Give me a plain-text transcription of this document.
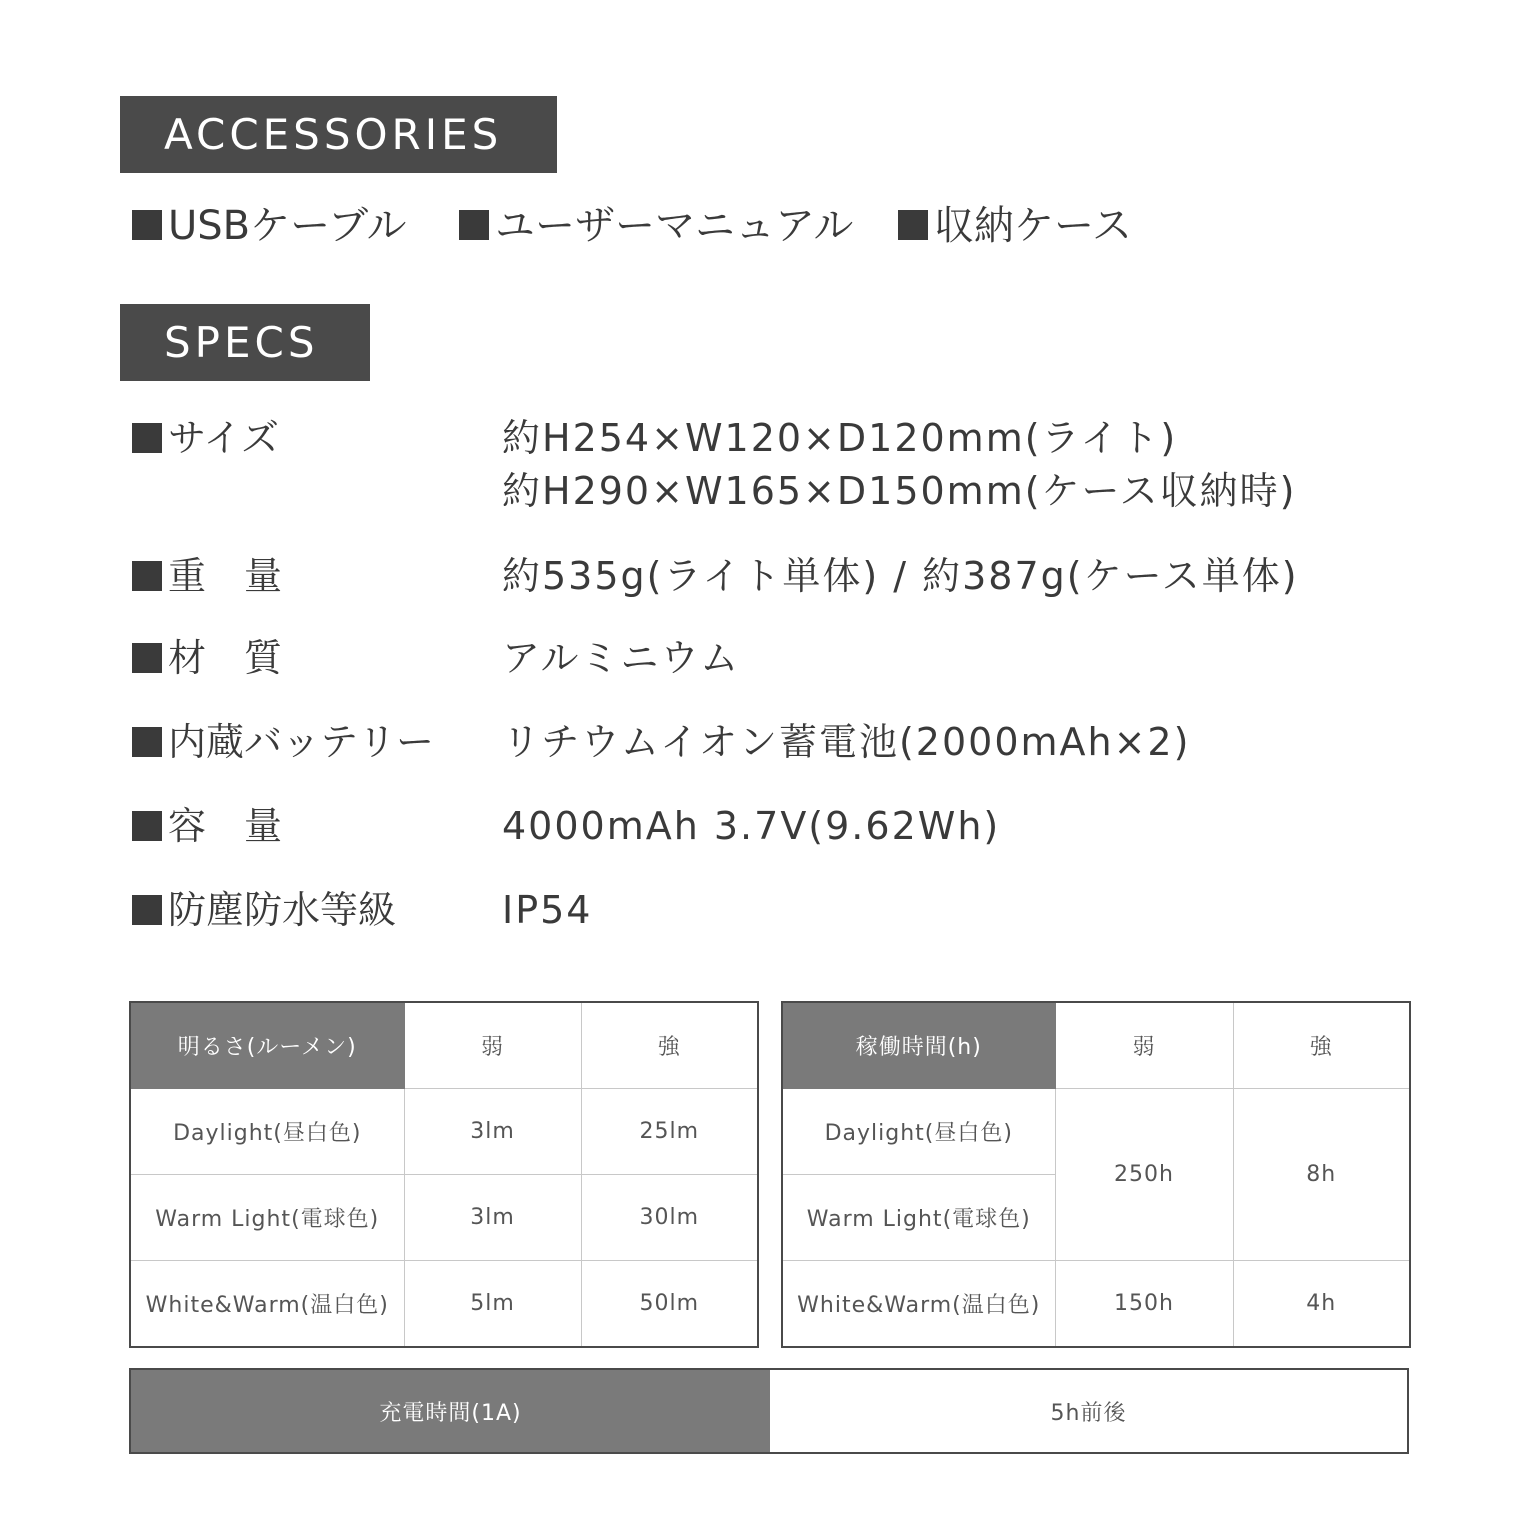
ACCESSORIES
USBケーブル	ユーザーマニュアル	収納ケース
SPECS
サイズ	約H254×W120×D120mm(ライト)
約H290×W165×D150mm(ケース収納時)
重　量	約535g(ライト単体) / 約387g(ケース単体)
材　質	アルミニウム
内蔵バッテリー リチウムイオン蓄電池(2000mAh×2)
容　量	4000mAh 3.7V(9.62Wh)
防塵防水等級	IP54
明るさ(ルーメン)	弱	強
Daylight(昼白色)	3lm	25lm
Warm Light(電球色)	3lm	30lm
White&Warm(温白色)	5lm	50lm
稼働時間(h)	弱	強
Daylight(昼白色)	250h	8h
Warm Light(電球色)		
White&Warm(温白色)	150h	4h
充電時間(1A)	5h前後
